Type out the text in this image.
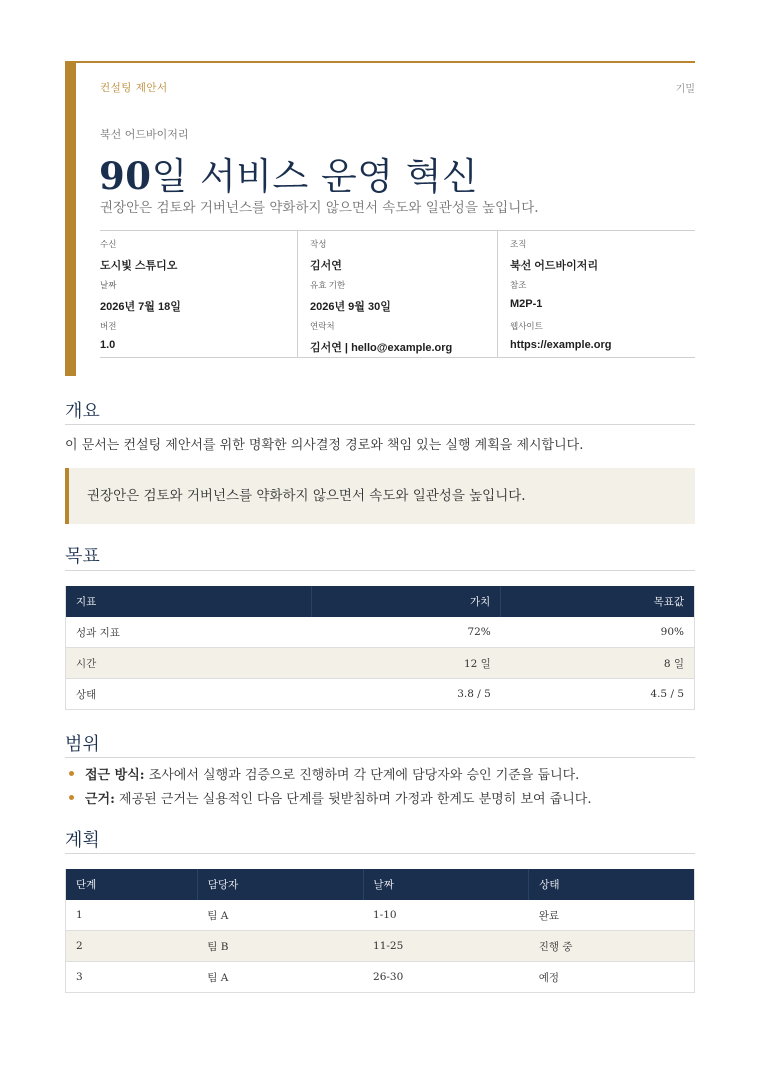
컨설팅 제안서	기밀
북선 어드바이저리
90일 서비스 운영 혁신
권장안은 검토와 거버넌스를 약화하지 않으면서 속도와 일관성을 높입니다.
수신
도시빛 스튜디오
날짜
2026년 7월 18일
버전
1.0
작성
김서연
유효 기한
2026년 9월 30일
연락처
김서연 | hello@example.org
조직
북선 어드바이저리
참조
M2P-1
웹사이트
https://example.org
개요
이 문서는 컨설팅 제안서를 위한 명확한 의사결정 경로와 책임 있는 실행 계획을 제시합니다.
권장안은 검토와 거버넌스를 약화하지 않으면서 속도와 일관성을 높입니다.
목표
지표	가치	목표값
성과 지표	72%	90%
시간	12 일	8 일
상태	3.8 / 5	4.5 / 5
범위
접근 방식: 조사에서 실행과 검증으로 진행하며 각 단계에 담당자와 승인 기준을 둡니다.
근거: 제공된 근거는 실용적인 다음 단계를 뒷받침하며 가정과 한계도 분명히 보여 줍니다.
계획
단계	담당자	날짜	상태
1	팀 A	1-10	완료
2	팀 B	11-25	진행 중
3	팀 A	26-30	예정
